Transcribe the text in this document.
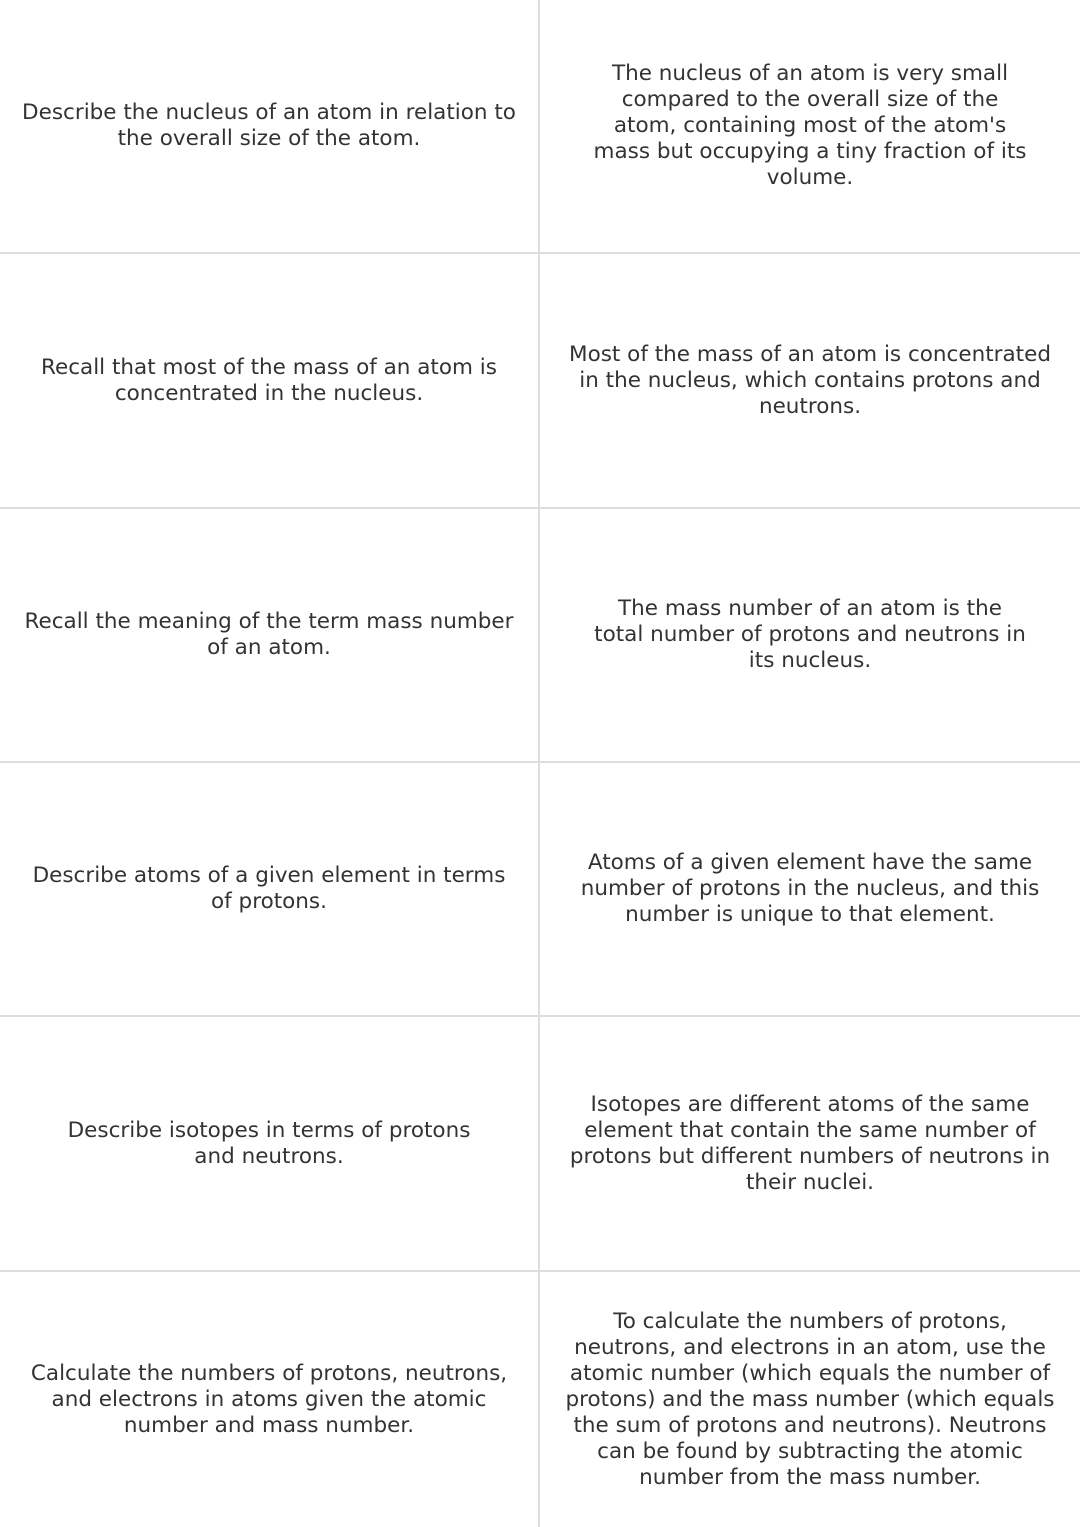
Describe the nucleus of an atom in relation to the overall size of the atom.
The nucleus of an atom is very small compared to the overall size of the atom, containing most of the atom's mass but occupying a tiny fraction of its volume.
Recall that most of the mass of an atom is concentrated in the nucleus.
Most of the mass of an atom is concentrated in the nucleus, which contains protons and neutrons.
Recall the meaning of the term mass number of an atom.
The mass number of an atom is the total number of protons and neutrons in its nucleus.
Describe atoms of a given element in terms of protons.
Atoms of a given element have the same number of protons in the nucleus, and this number is unique to that element.
Describe isotopes in terms of protons and neutrons.
Isotopes are different atoms of the same element that contain the same number of protons but different numbers of neutrons in their nuclei.
Calculate the numbers of protons, neutrons, and electrons in atoms given the atomic number and mass number.
To calculate the numbers of protons, neutrons, and electrons in an atom, use the atomic number (which equals the number of protons) and the mass number (which equals the sum of protons and neutrons). Neutrons can be found by subtracting the atomic number from the mass number.
